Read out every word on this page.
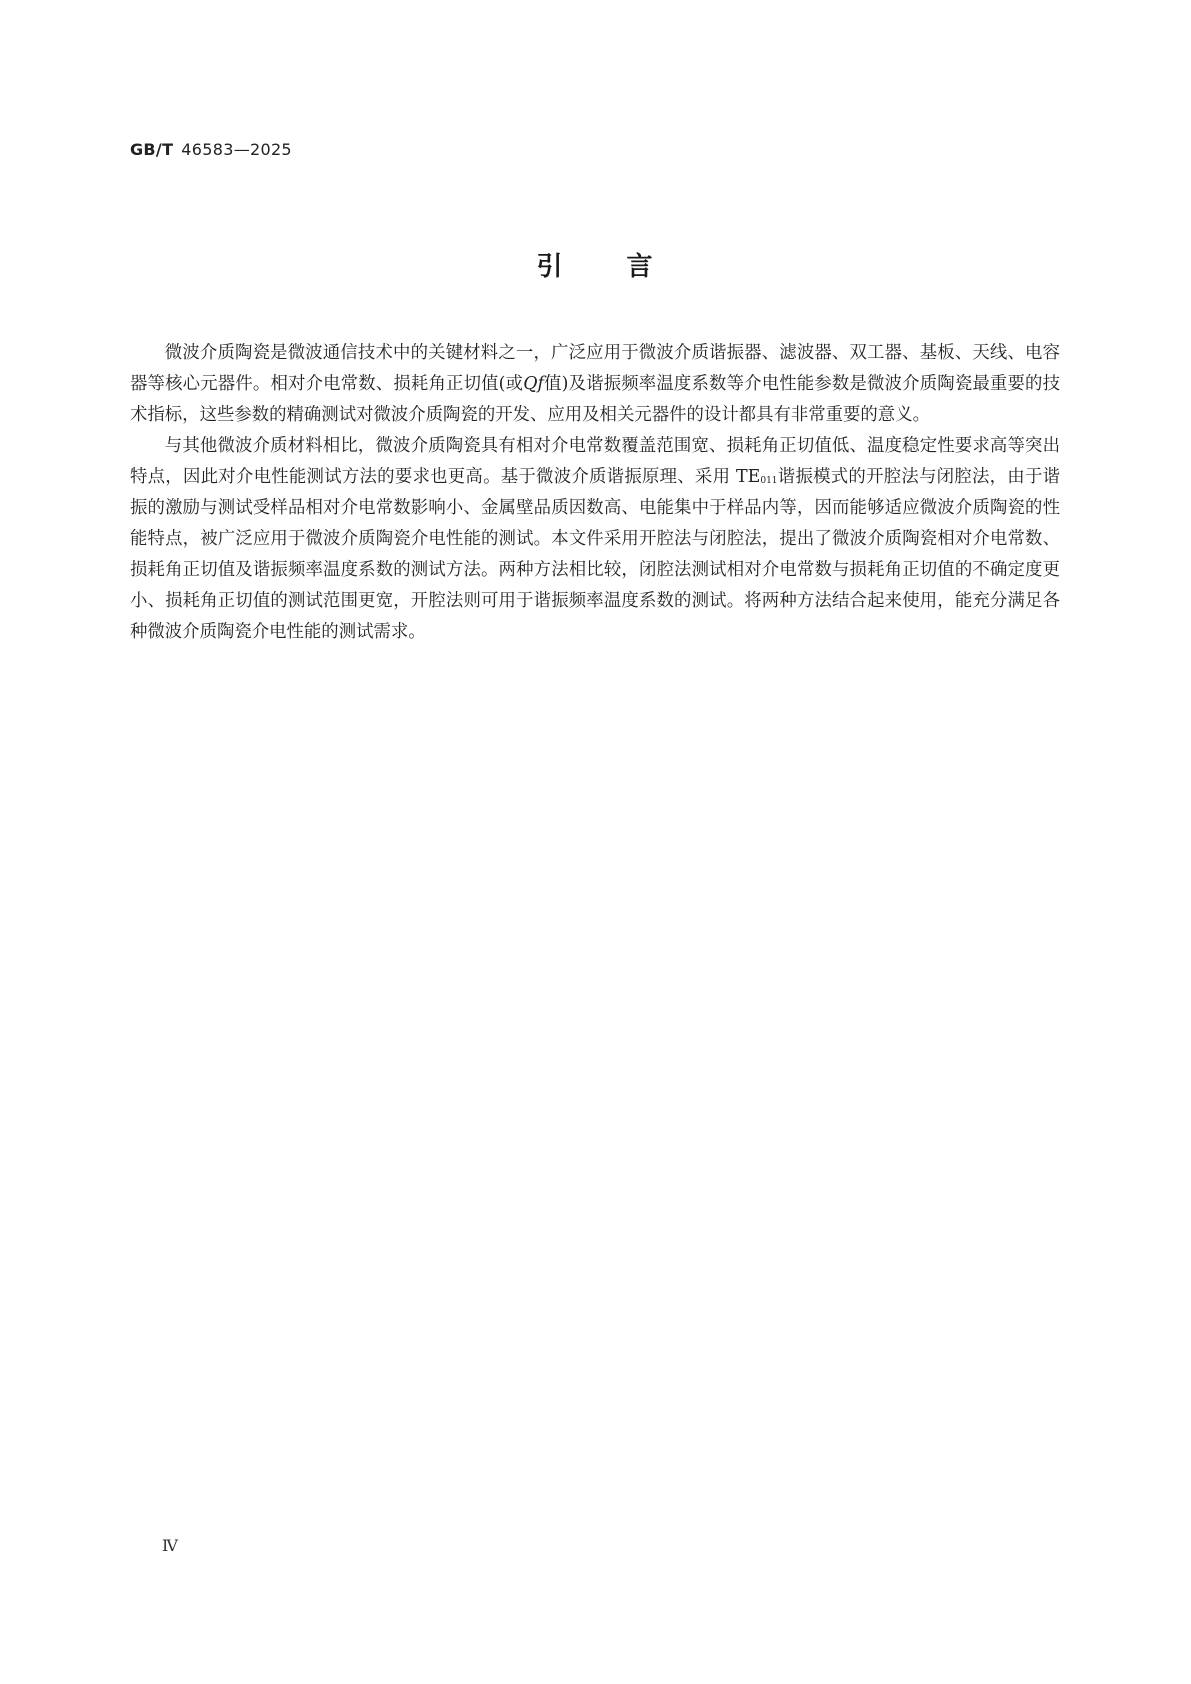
GB/T 46583—2025
引 言

微波介质陶瓷是微波通信技术中的关键材料之一，广泛应用于微波介质谐振器、滤波器、双工器、基板、天线、电容器等核心元器件。相对介电常数、损耗角正切值(或Qf值)及谐振频率温度系数等介电性能参数是微波介质陶瓷最重要的技术指标，这些参数的精确测试对微波介质陶瓷的开发、应用及相关元器件的设计都具有非常重要的意义。

与其他微波介质材料相比，微波介质陶瓷具有相对介电常数覆盖范围宽、损耗角正切值低、温度稳定性要求高等突出特点，因此对介电性能测试方法的要求也更高。基于微波介质谐振原理、采用 $TE_{011}$谐振模式的开腔法与闭腔法，由于谐振的激励与测试受样品相对介电常数影响小、金属壁品质因数高、电能集中于样品内等，因而能够适应微波介质陶瓷的性能特点，被广泛应用于微波介质陶瓷介电性能的测试。本文件采用开腔法与闭腔法，提出了微波介质陶瓷相对介电常数、损耗角正切值及谐振频率温度系数的测试方法。两种方法相比较，闭腔法测试相对介电常数与损耗角正切值的不确定度更小、损耗角正切值的测试范围更宽，开腔法则可用于谐振频率温度系数的测试。将两种方法结合起来使用，能充分满足各种微波介质陶瓷介电性能的测试需求。

Ⅳ
